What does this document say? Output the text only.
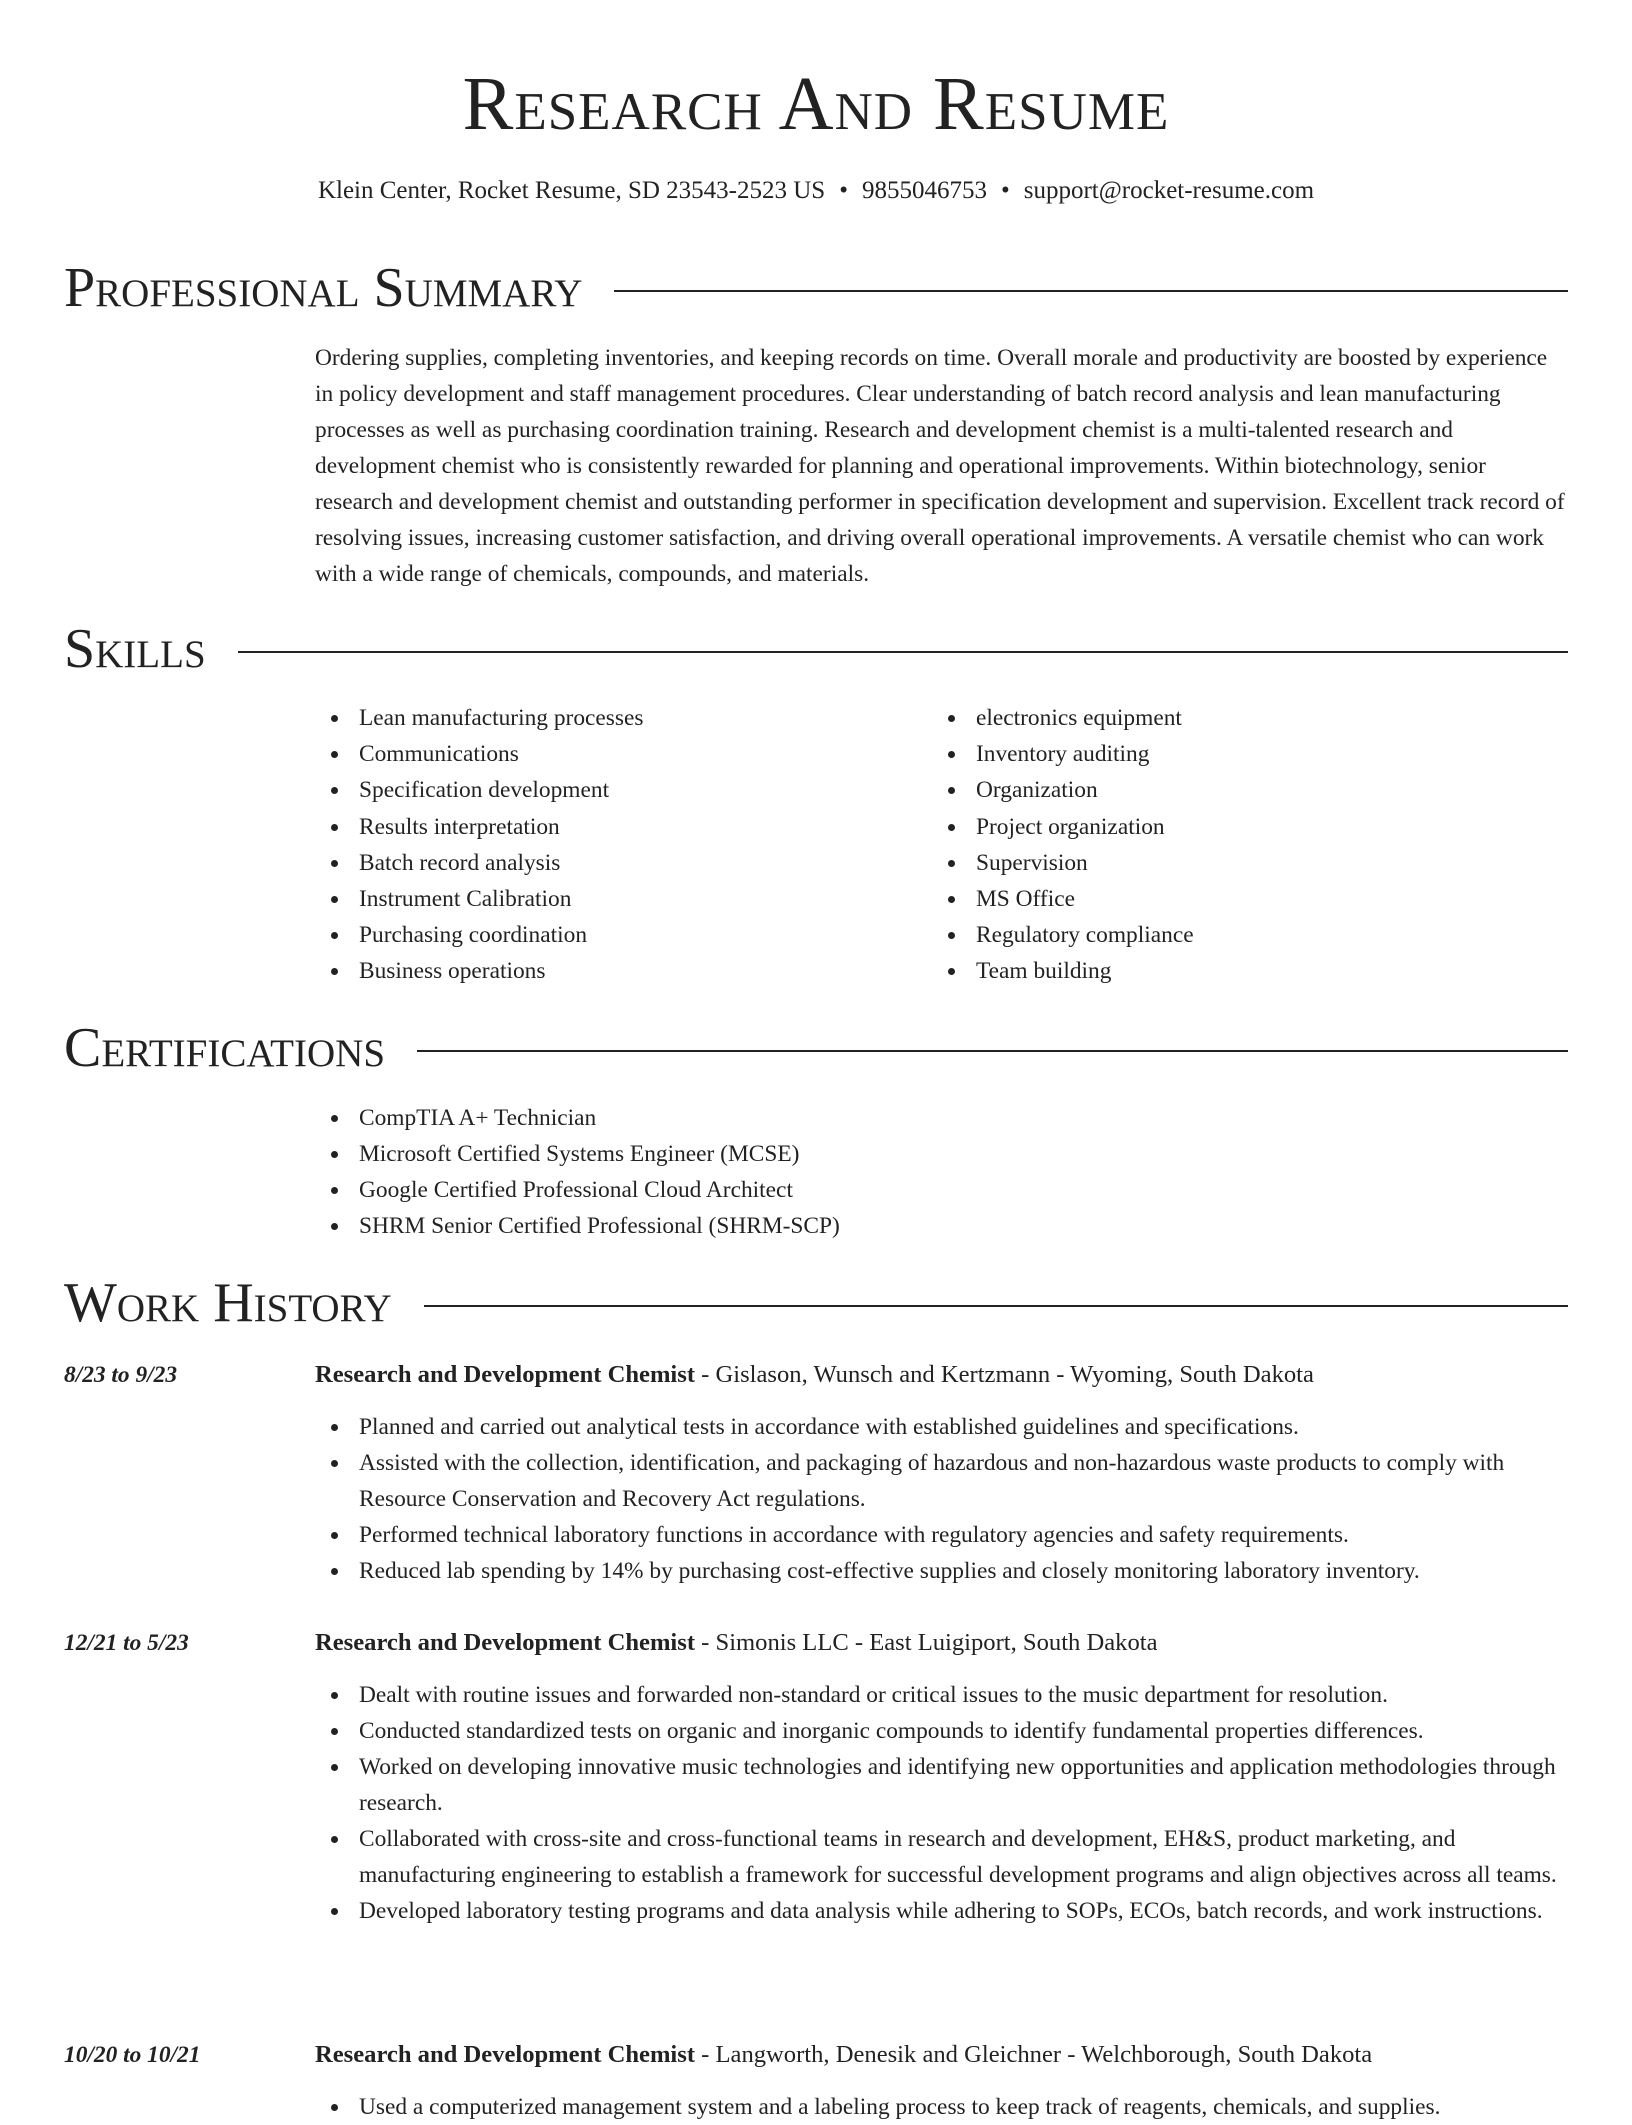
Research And Resume
Klein Center, Rocket Resume, SD 23543-2523 US • 9855046753 • support@rocket-resume.com
Professional Summary

Ordering supplies, completing inventories, and keeping records on time. Overall morale and productivity are boosted by experience in policy development and staff management procedures. Clear understanding of batch record analysis and lean manufacturing processes as well as purchasing coordination training. Research and development chemist is a multi-talented research and development chemist who is consistently rewarded for planning and operational improvements. Within biotechnology, senior research and development chemist and outstanding performer in specification development and supervision. Excellent track record of resolving issues, increasing customer satisfaction, and driving overall operational improvements. A versatile chemist who can work with a wide range of chemicals, compounds, and materials.

Skills
Lean manufacturing processes
Communications
Specification development
Results interpretation
Batch record analysis
Instrument Calibration
Purchasing coordination
Business operations
electronics equipment
Inventory auditing
Organization
Project organization
Supervision
MS Office
Regulatory compliance
Team building
Certifications
CompTIA A+ Technician
Microsoft Certified Systems Engineer (MCSE)
Google Certified Professional Cloud Architect
SHRM Senior Certified Professional (SHRM-SCP)
Work History
8/23 to 9/23	Research and Development Chemist - Gislason, Wunsch and Kertzmann - Wyoming, South Dakota
Planned and carried out analytical tests in accordance with established guidelines and specifications.
Assisted with the collection, identification, and packaging of hazardous and non-hazardous waste products to comply with Resource Conservation and Recovery Act regulations.
Performed technical laboratory functions in accordance with regulatory agencies and safety requirements.
Reduced lab spending by 14% by purchasing cost-effective supplies and closely monitoring laboratory inventory.
12/21 to 5/23	Research and Development Chemist - Simonis LLC - East Luigiport, South Dakota
Dealt with routine issues and forwarded non-standard or critical issues to the music department for resolution.
Conducted standardized tests on organic and inorganic compounds to identify fundamental properties differences.
Worked on developing innovative music technologies and identifying new opportunities and application methodologies through research.
Collaborated with cross-site and cross-functional teams in research and development, EH&S, product marketing, and manufacturing engineering to establish a framework for successful development programs and align objectives across all teams.
Developed laboratory testing programs and data analysis while adhering to SOPs, ECOs, batch records, and work instructions.
10/20 to 10/21	Research and Development Chemist - Langworth, Denesik and Gleichner - Welchborough, South Dakota
Used a computerized management system and a labeling process to keep track of reagents, chemicals, and supplies.
